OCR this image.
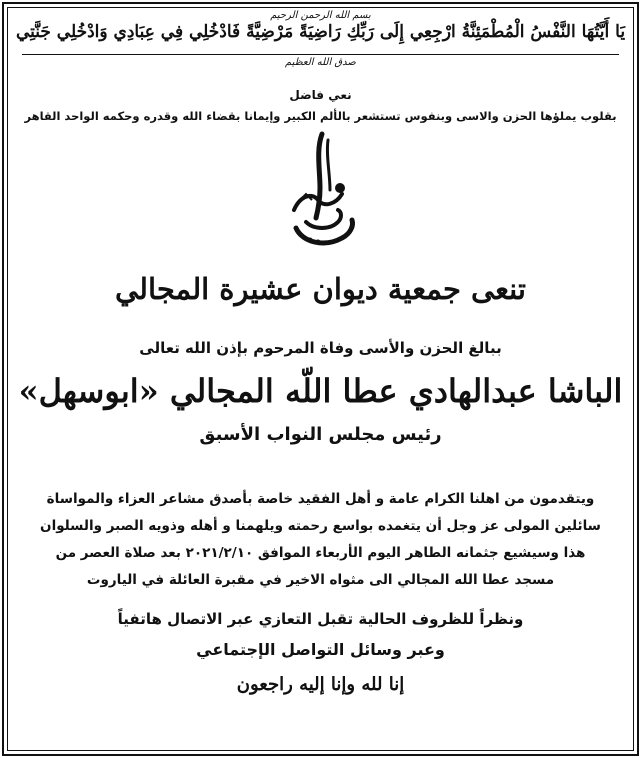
بسم الله الرحمن الرحيم
يَا أَيَّتُهَا النَّفْسُ الْمُطْمَئِنَّةُ ارْجِعِي إِلَى رَبِّكِ رَاضِيَةً مَرْضِيَّةً فَادْخُلِي فِي عِبَادِي وَادْخُلِي جَنَّتِي
صدق الله العظيم
نعي فاضل
بقلوب يملؤها الحزن والاسى وبنفوس تستشعر بالألم الكبير وإيمانا بقضاء الله وقدره وحكمه الواحد القاهر
تنعى جمعية ديوان عشيرة المجالي
ببالغ الحزن والأسى وفاة المرحوم بإذن الله تعالى
الباشا عبدالهادي عطا اللّه المجالي «ابوسهل»
رئيس مجلس النواب الأسبق
ويتقدمون من اهلنا الكرام عامة و أهل الفقيد خاصة بأصدق مشاعر العزاء والمواساة
سائلين المولى عز وجل أن يتغمده بواسع رحمته ويلهمنا و أهله وذويه الصبر والسلوان
هذا وسيشيع جثمانه الطاهر اليوم الأربعاء الموافق ٢٠٢١/٢/١٠ بعد صلاة العصر من
مسجد عطا الله المجالي الى مثواه الاخير في مقبرة العائلة في الياروت
ونظراً للظروف الحالية تقبل التعازي عبر الاتصال هاتفياً
وعبر وسائل التواصل الإجتماعي
إنا لله وإنا إليه راجعون
